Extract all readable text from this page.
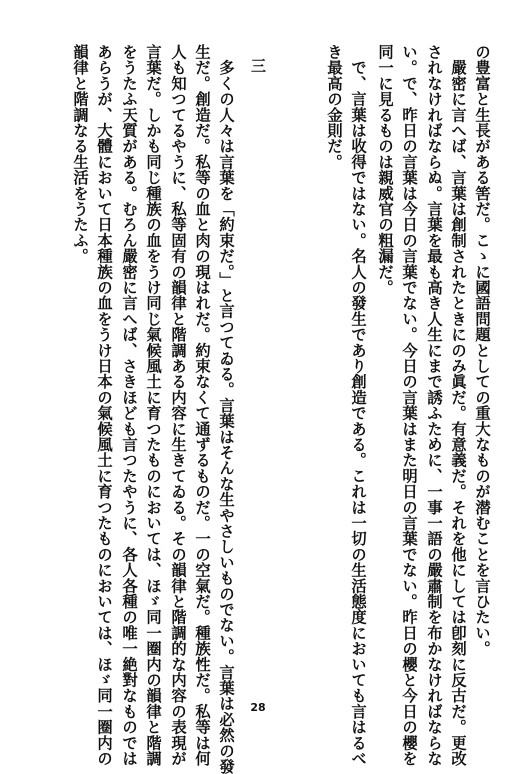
の豊富と生長がある筈だ。こゝに國語問題としての重大なものが潜むことを言ひたい。
　嚴密に言へば、言葉は創制されたときにのみ眞だ。有意義だ。それを他にしては卽刻に反古だ。更改
されなければならぬ。言葉を最も高き人生にまで誘ふために、一事一語の嚴肅制を布かなければならな
い。で、昨日の言葉は今日の言葉でない。今日の言葉はまた明日の言葉でない。昨日の櫻と今日の櫻を
同一に見るものは親威官の粗漏だ。
　で、言葉は收得ではない。名人の發生であり創造である。これは一切の生活態度においても言はるべ
き最高の金則だ。
三
　多くの人々は言葉を「約束だ。」と言つてゐる。言葉はそんな生やさしいものでない。言葉は必然の發
生だ。創造だ。私等の血と肉の現はれだ。約束なくて通ずるものだ。一の空氣だ。種族性だ。私等は何
人も知つてるやうに、私等固有の韻律と階調ある内容に生きてゐる。その韻律と階調的な内容の表現が
言葉だ。しかも同じ種族の血をうけ同じ氣候風土に育つたものにおいては、ほゞ同一圈内の韻律と階調
をうたふ天質がある。むろん嚴密に言へば、さきほども言つたやうに、各人各種の唯一絶對なものでは
あらうが、大體において日本種族の血をうけ日本の氣候風土に育つたものにおいては、ほゞ同一圈内の
韻律と階調なる生活をうたふ。
28
